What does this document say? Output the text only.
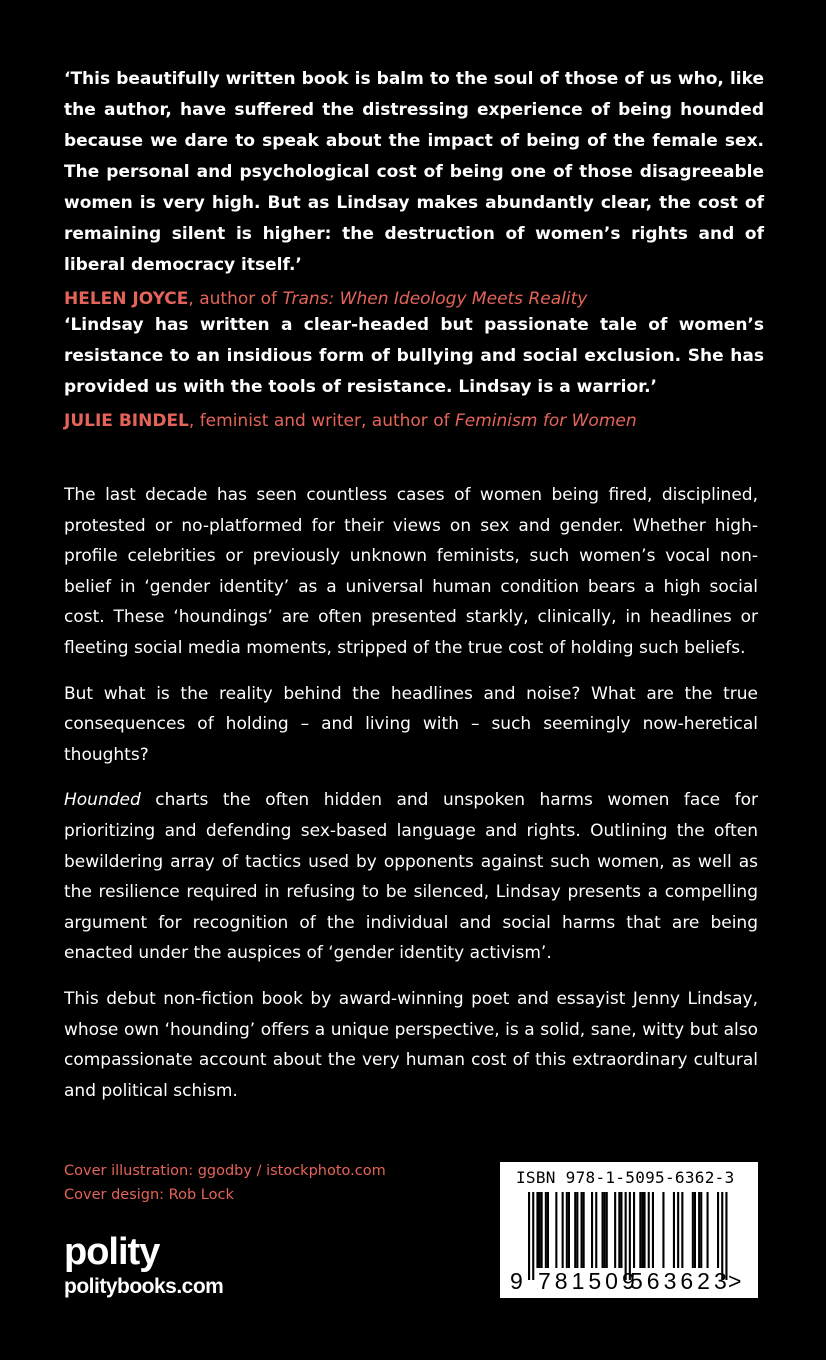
‘This beautifully written book is balm to the soul of those of us who, like the author, have suffered the distressing experience of being hounded because we dare to speak about the impact of being of the female sex. The personal and psychological cost of being one of those disagreeable women is very high. But as Lindsay makes abundantly clear, the cost of remaining silent is higher: the destruction of women’s rights and of liberal democracy itself.’

HELEN JOYCE, author of Trans: When Ideology Meets Reality

‘Lindsay has written a clear-headed but passionate tale of women’s resistance to an insidious form of bullying and social exclusion. She has provided us with the tools of resistance. Lindsay is a warrior.’

JULIE BINDEL, feminist and writer, author of Feminism for Women

The last decade has seen countless cases of women being fired, disciplined, protested or no-platformed for their views on sex and gender. Whether high-profile celebrities or previously unknown feminists, such women’s vocal non-belief in ‘gender identity’ as a universal human condition bears a high social cost. These ‘houndings’ are often presented starkly, clinically, in headlines or fleeting social media moments, stripped of the true cost of holding such beliefs.

But what is the reality behind the headlines and noise? What are the true consequences of holding – and living with – such seemingly now-heretical thoughts?

Hounded charts the often hidden and unspoken harms women face for prioritizing and defending sex-based language and rights. Outlining the often bewildering array of tactics used by opponents against such women, as well as the resilience required in refusing to be silenced, Lindsay presents a compelling argument for recognition of the individual and social harms that are being enacted under the auspices of ‘gender identity activism’.

This debut non-fiction book by award-winning poet and essayist Jenny Lindsay, whose own ‘hounding’ offers a unique perspective, is a solid, sane, witty but also compassionate account about the very human cost of this extraordinary cultural and political schism.

Cover illustration: ggodby / istockphoto.com
Cover design: Rob Lock
polity
politybooks.com
ISBN 978-1-5095-6362-3
9 781509
563623
>
